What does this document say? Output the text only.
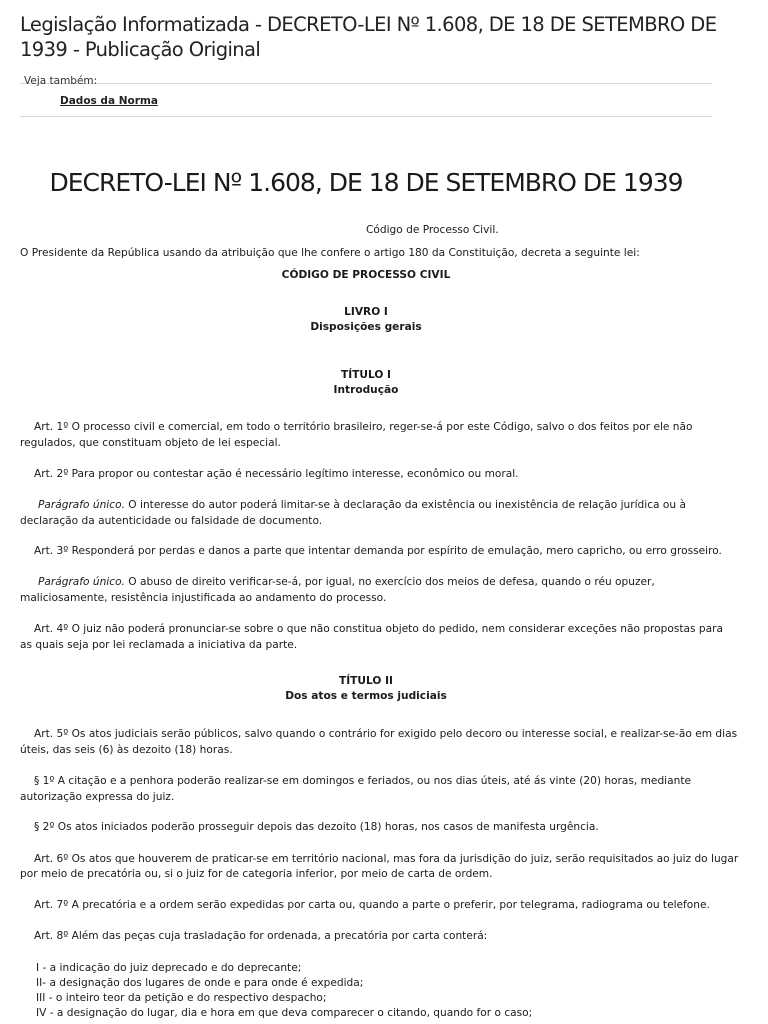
Legislação Informatizada - DECRETO-LEI Nº 1.608, DE 18 DE SETEMBRO DE
1939 - Publicação Original
Veja também:
Dados da Norma
DECRETO-LEI Nº 1.608, DE 18 DE SETEMBRO DE 1939

Código de Processo Civil.

O Presidente da República usando da atribuição que lhe confere o artigo 180 da Constituição, decreta a seguinte lei:

CÓDIGO DE PROCESSO CIVIL

LIVRO I

Disposições gerais

TÍTULO I

Introdução

Art. 1º O processo civil e comercial, em todo o território brasileiro, reger-se-á por este Código, salvo o dos feitos por ele não

regulados, que constituam objeto de lei especial.

Art. 2º Para propor ou contestar ação é necessário legítimo interesse, econômico ou moral.

Parágrafo único. O interesse do autor poderá limitar-se à declaração da existência ou inexistência de relação jurídica ou à

declaração da autenticidade ou falsidade de documento.

Art. 3º Responderá por perdas e danos a parte que intentar demanda por espírito de emulação, mero capricho, ou erro grosseiro.

Parágrafo único. O abuso de direito verificar-se-á, por igual, no exercício dos meios de defesa, quando o réu opuzer,

maliciosamente, resistência injustificada ao andamento do processo.

Art. 4º O juiz não poderá pronunciar-se sobre o que não constitua objeto do pedido, nem considerar exceções não propostas para

as quais seja por lei reclamada a iniciativa da parte.

TÍTULO II

Dos atos e termos judiciais

Art. 5º Os atos judiciais serão públicos, salvo quando o contrário for exigido pelo decoro ou interesse social, e realizar-se-ão em dias

úteis, das seis (6) às dezoito (18) horas.

§ 1º A citação e a penhora poderão realizar-se em domingos e feriados, ou nos dias úteis, até ás vinte (20) horas, mediante

autorização expressa do juiz.

§ 2º Os atos iniciados poderão prosseguir depois das dezoito (18) horas, nos casos de manifesta urgência.

Art. 6º Os atos que houverem de praticar-se em território nacional, mas fora da jurisdição do juiz, serão requisitados ao juiz do lugar

por meio de precatória ou, si o juiz for de categoria inferior, por meio de carta de ordem.

Art. 7º A precatória e a ordem serão expedidas por carta ou, quando a parte o preferir, por telegrama, radiograma ou telefone.

Art. 8º Além das peças cuja trasladação for ordenada, a precatória por carta conterá:

I - a indicação do juiz deprecado e do deprecante;

II- a designação dos lugares de onde e para onde é expedida;

III - o inteiro teor da petição e do respectivo despacho;

IV - a designação do lugar, dia e hora em que deva comparecer o citando, quando for o caso;
